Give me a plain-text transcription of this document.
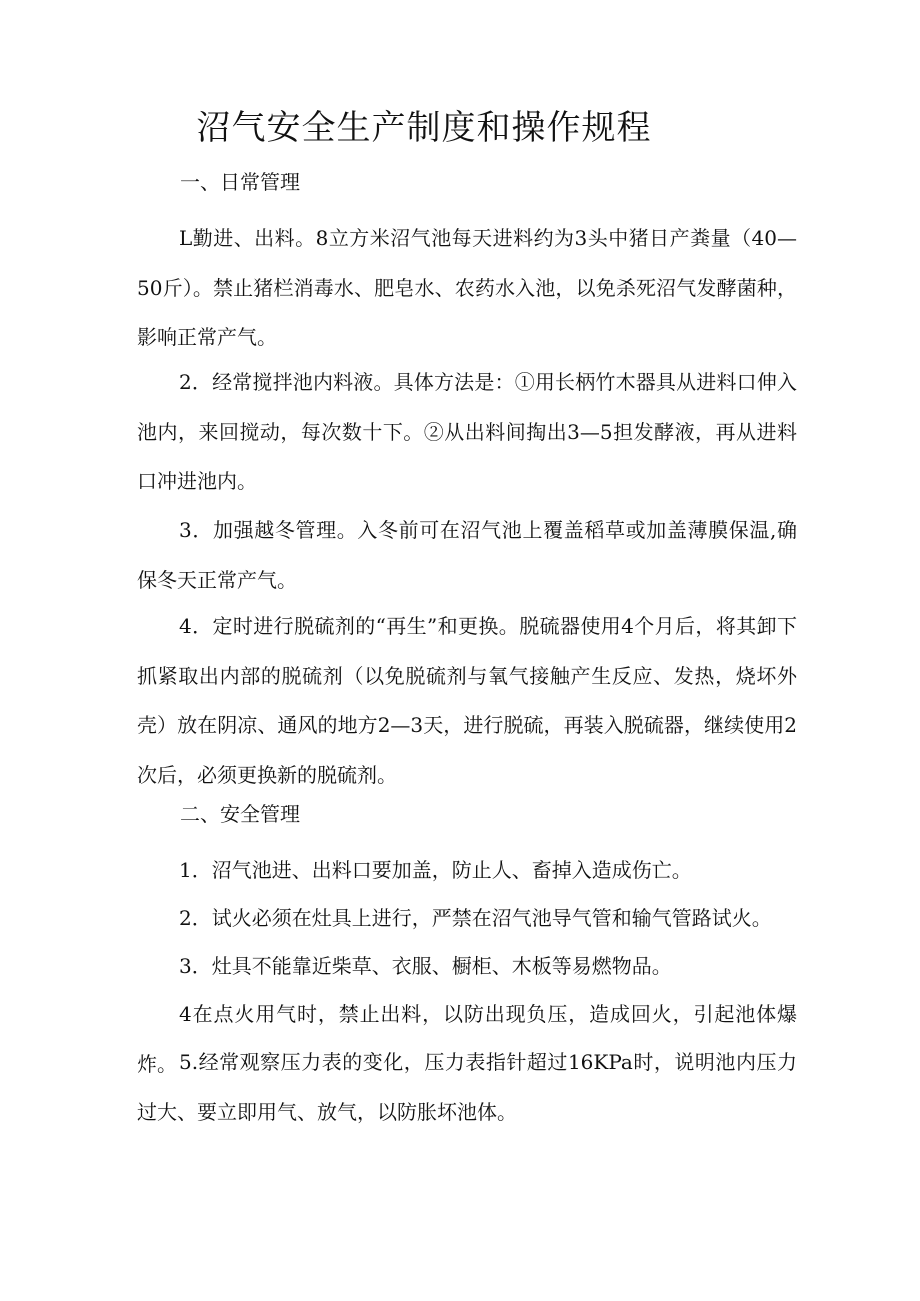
沼气安全生产制度和操作规程
一、日常管理

L勤进、出料。8立方米沼气池每天进料约为3头中猪日产粪量（40—50斤）。禁止猪栏消毒水、肥皂水、农药水入池，以免杀死沼气发酵菌种，影响正常产气。

2．经常搅拌池内料液。具体方法是：①用长柄竹木器具从进料口伸入池内，来回搅动，每次数十下。②从出料间掏出3—5担发酵液，再从进料口冲进池内。

3．加强越冬管理。入冬前可在沼气池上覆盖稻草或加盖薄膜保温,确保冬天正常产气。

4．定时进行脱硫剂的“再生”和更换。脱硫器使用4个月后，将其卸下抓紧取出内部的脱硫剂（以免脱硫剂与氧气接触产生反应、发热，烧坏外壳）放在阴凉、通风的地方2—3天，进行脱硫，再装入脱硫器，继续使用2次后，必须更换新的脱硫剂。

二、安全管理

1．沼气池进、出料口要加盖，防止人、畜掉入造成伤亡。

2．试火必须在灶具上进行，严禁在沼气池导气管和输气管路试火。

3．灶具不能靠近柴草、衣服、橱柜、木板等易燃物品。

4在点火用气时，禁止出料，以防出现负压，造成回火，引起池体爆炸。 5.经常观察压力表的变化，压力表指针超过16KPa时，说明池内压力过大、要立即用气、放气，以防胀坏池体。
